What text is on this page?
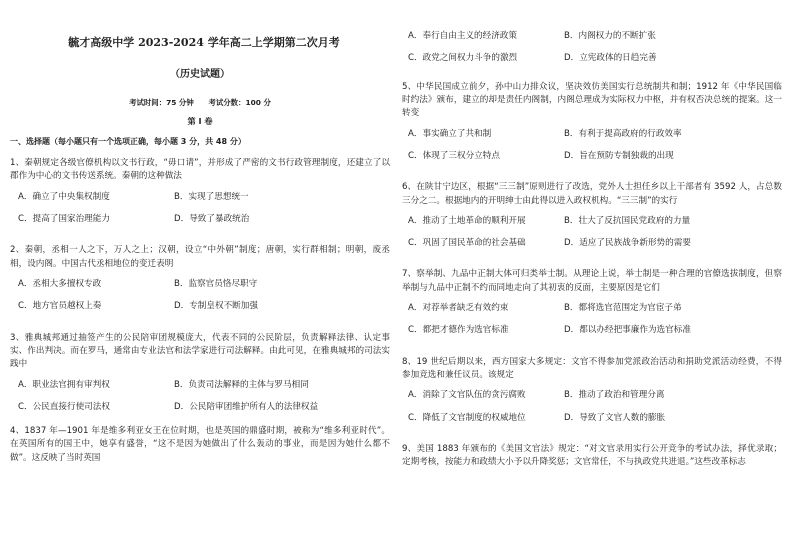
毓才高级中学 2023-2024 学年高二上学期第二次月考
（历史试题）
考试时间：75 分钟　　考试分数：100 分
第 I 卷
一、选择题（每小题只有一个选项正确，每小题 3 分，共 48 分）

1、秦朝规定各级官僚机构以文书行政，“毋口请”，并形成了严密的文书行政管理制度，还建立了以郡作为中心的文书传送系统。秦朝的这种做法

A．确立了中央集权制度	B．实现了思想统一
C．提高了国家治理能力	D．导致了暴政统治

2、秦朝，丞相一人之下，万人之上；汉朝，设立“中外朝”制度；唐朝，实行群相制；明朝，废丞相，设内阁。中国古代丞相地位的变迁表明

A．丞相大多擅权专政	B．监察官员恪尽职守
C．地方官员越权上奏	D．专制皇权不断加强

3、雅典城邦通过抽签产生的公民陪审团规模庞大，代表不同的公民阶层，负责解释法律、认定事实、作出判决。而在罗马，通常由专业法官和法学家进行司法解释。由此可见，在雅典城邦的司法实践中

A．职业法官拥有审判权	B．负责司法解释的主体与罗马相同
C．公民直接行使司法权	D．公民陪审团维护所有人的法律权益

4、1837 年—1901 年是维多利亚女王在位时期，也是英国的鼎盛时期，被称为“维多利亚时代”。在英国所有的国王中，她享有盛誉，“这不是因为她做出了什么轰动的事业，而是因为她什么都不做”。这反映了当时英国

A．奉行自由主义的经济政策	B．内阁权力的不断扩张
C．政党之间权力斗争的激烈	D．立宪政体的日趋完善

5、中华民国成立前夕，孙中山力排众议，坚决效仿美国实行总统制共和制；1912 年《中华民国临时约法》颁布，建立的却是责任内阁制，内阁总理成为实际权力中枢，并有权否决总统的提案。这一转变

A．事实确立了共和制	B．有利于提高政府的行政效率
C．体现了三权分立特点	D．旨在预防专制独裁的出现

6、在陕甘宁边区，根据“三三制”原则进行了改选，党外人士担任乡以上干部者有 3592 人，占总数三分之二。根据地内的开明绅士由此得以进入政权机构。“三三制”的实行

A．推动了土地革命的顺利开展	B．壮大了反抗国民党政府的力量
C．巩固了国民革命的社会基础	D．适应了民族战争新形势的需要

7、察举制、九品中正制大体可归类举士制。从理论上说，举士制是一种合理的官僚选拔制度，但察举制与九品中正制不约而同地走向了其初衷的反面，主要原因是它们

A．对荐举者缺乏有效约束	B．都将选官范围定为官宦子弟
C．都把才德作为选官标准	D．都以办经把事廉作为选官标准

8、19 世纪后期以来，西方国家大多规定：文官不得参加党派政治活动和捐助党派活动经费，不得参加竞选和兼任议员。该规定

A．消除了文官队伍的贪污腐败	B．推动了政治和管理分离
C．降低了文官制度的权威地位	D．导致了文官人数的膨胀

9、美国 1883 年颁布的《美国文官法》规定：“对文官录用实行公开竞争的考试办法，择优录取；定期考核，按能力和政绩大小予以升降奖惩；文官常任，不与执政党共进退。”这些改革标志
